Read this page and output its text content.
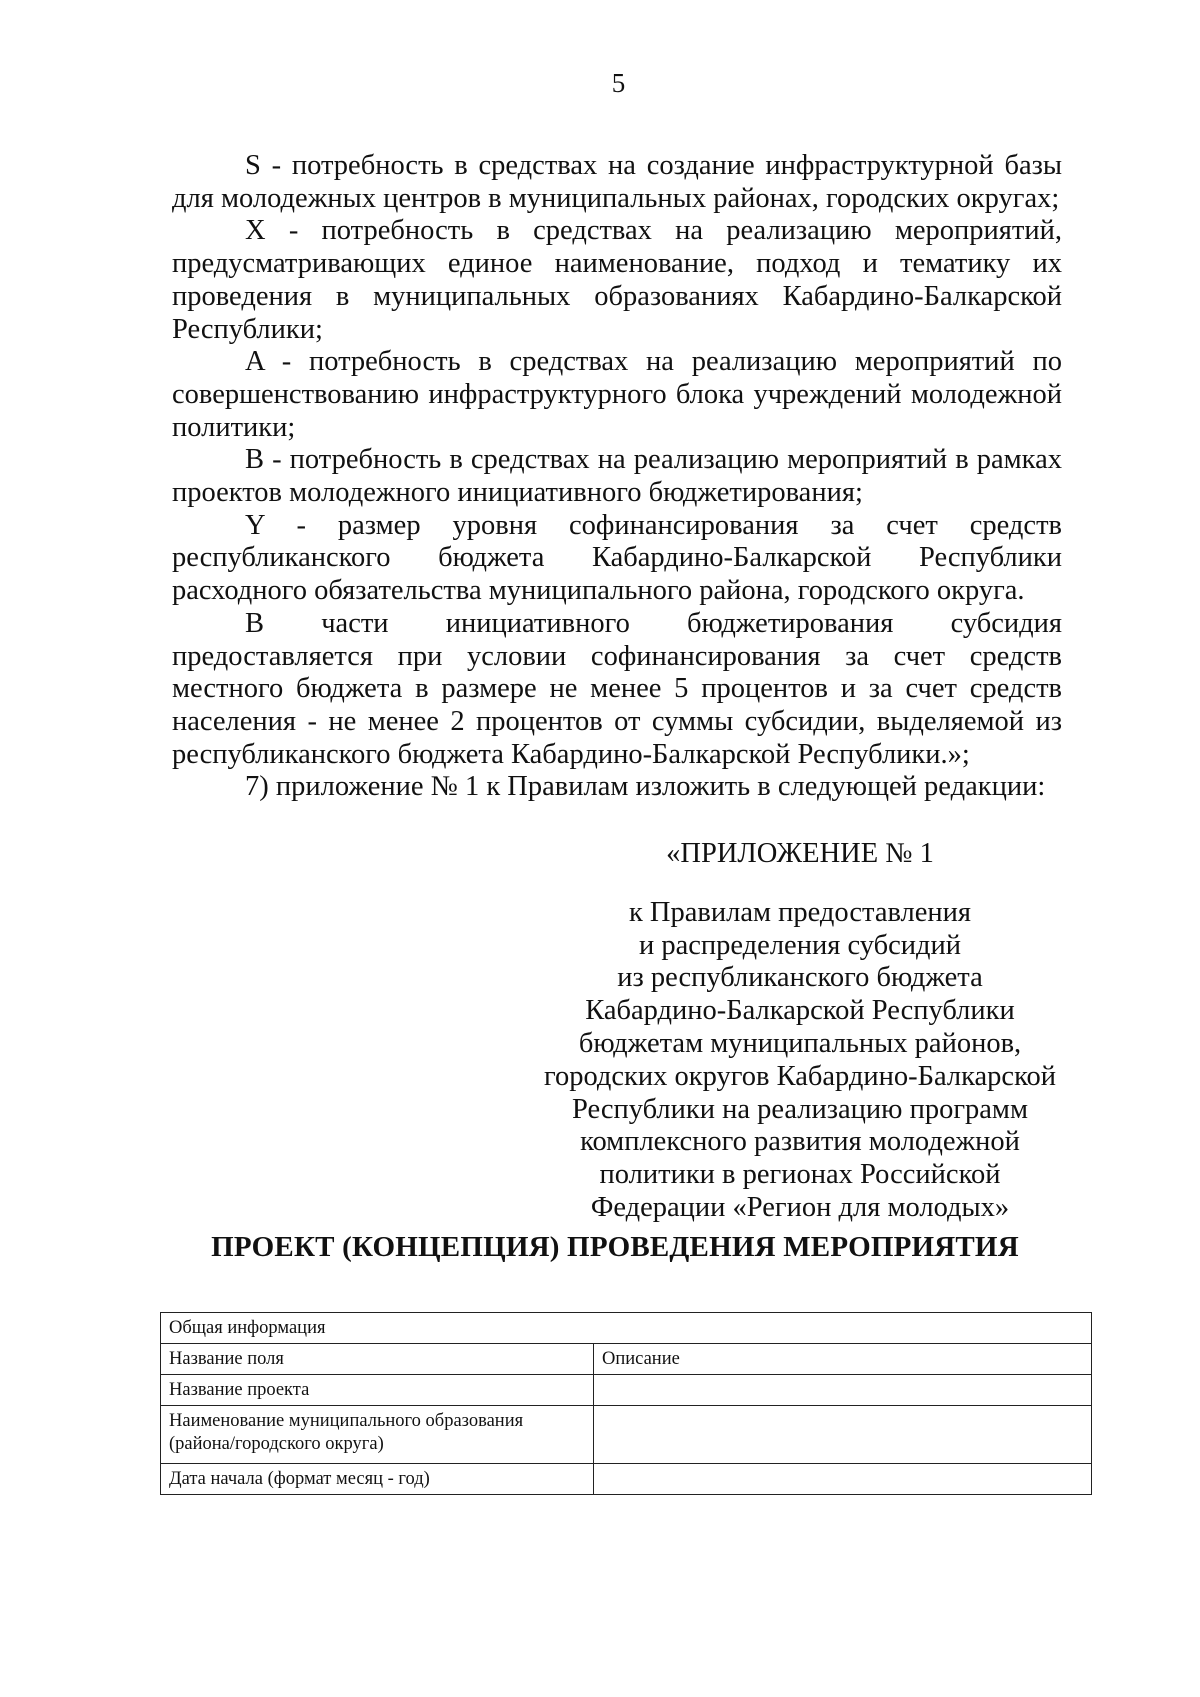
5

S - потребность в средствах на создание инфраструктурной базы для молодежных центров в муниципальных районах, городских округах;

X - потребность в средствах на реализацию мероприятий, предусматривающих единое наименование, подход и тематику их проведения в муниципальных образованиях Кабардино-Балкарской Республики;

A - потребность в средствах на реализацию мероприятий по совершенствованию инфраструктурного блока учреждений молодежной политики;

B - потребность в средствах на реализацию мероприятий в рамках проектов молодежного инициативного бюджетирования;

Y - размер уровня софинансирования за счет средств республиканского бюджета Кабардино-Балкарской Республики расходного обязательства муниципального района, городского округа.

В части инициативного бюджетирования субсидия предоставляется при условии софинансирования за счет средств местного бюджета в размере не менее 5 процентов и за счет средств населения - не менее 2 процентов от суммы субсидии, выделяемой из республиканского бюджета Кабардино-Балкарской Республики.»;

7) приложение № 1 к Правилам изложить в следующей редакции:

«ПРИЛОЖЕНИЕ № 1
к Правилам предоставления
и распределения субсидий
из республиканского бюджета
Кабардино-Балкарской Республики
бюджетам муниципальных районов,
городских округов Кабардино-Балкарской
Республики на реализацию программ
комплексного развития молодежной
политики в регионах Российской
Федерации «Регион для молодых»
ПРОЕКТ (КОНЦЕПЦИЯ) ПРОВЕДЕНИЯ МЕРОПРИЯТИЯ
Общая информация	
Название поля	Описание
Название проекта	
Наименование муниципального образования (района/городского округа)	
Дата начала (формат месяц - год)	
